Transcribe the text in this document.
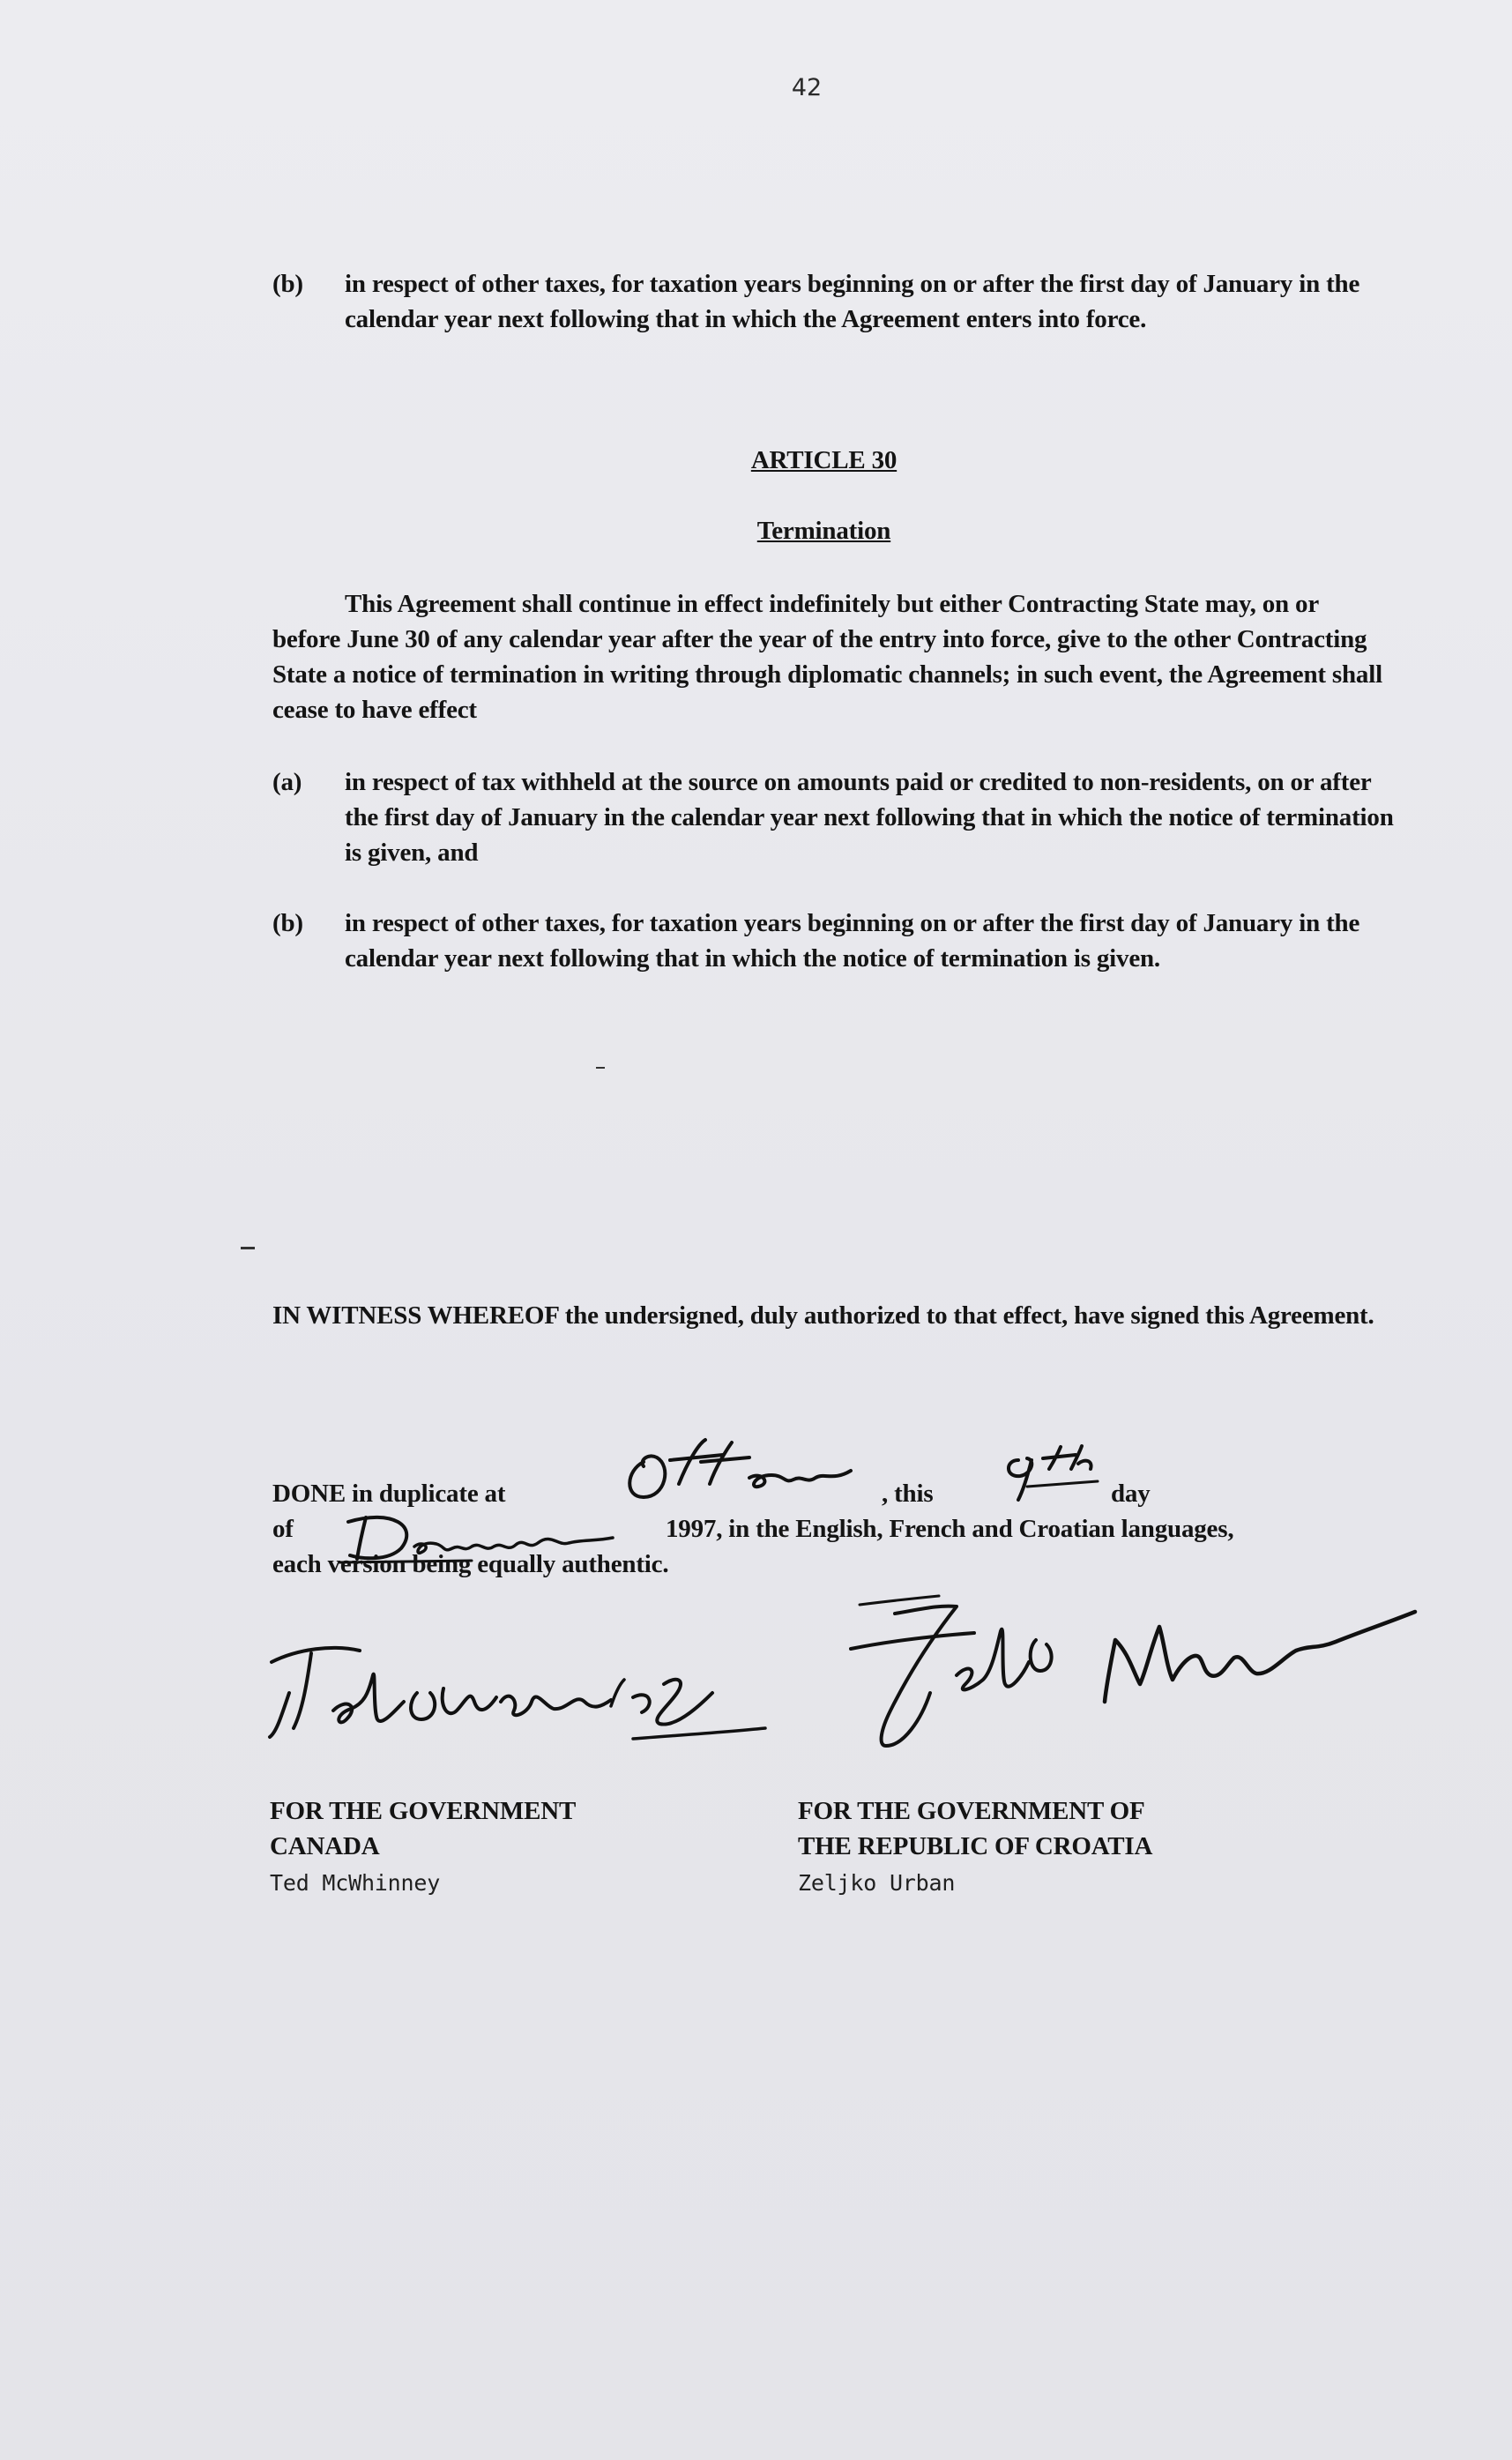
42
(b) in respect of other taxes, for taxation years beginning on or after the first day of January in the calendar year next following that in which the Agreement enters into force.
ARTICLE 30
Termination
This Agreement shall continue in effect indefinitely but either Contracting State may, on or before June 30 of any calendar year after the year of the entry into force, give to the other Contracting State a notice of termination in writing through diplomatic channels; in such event, the Agreement shall cease to have effect
(a) in respect of tax withheld at the source on amounts paid or credited to non-residents, on or after the first day of January in the calendar year next following that in which the notice of termination is given, and
(b) in respect of other taxes, for taxation years beginning on or after the first day of January in the calendar year next following that in which the notice of termination is given.
IN WITNESS WHEREOF the undersigned, duly authorized to that effect, have signed this Agreement.
DONE in duplicate at	, this	day
of	1997, in the English, French and Croatian languages,
each version being equally authentic.
FOR THE GOVERNMENT
CANADA
Ted McWhinney
FOR THE GOVERNMENT OF
THE REPUBLIC OF CROATIA
Zeljko Urban
